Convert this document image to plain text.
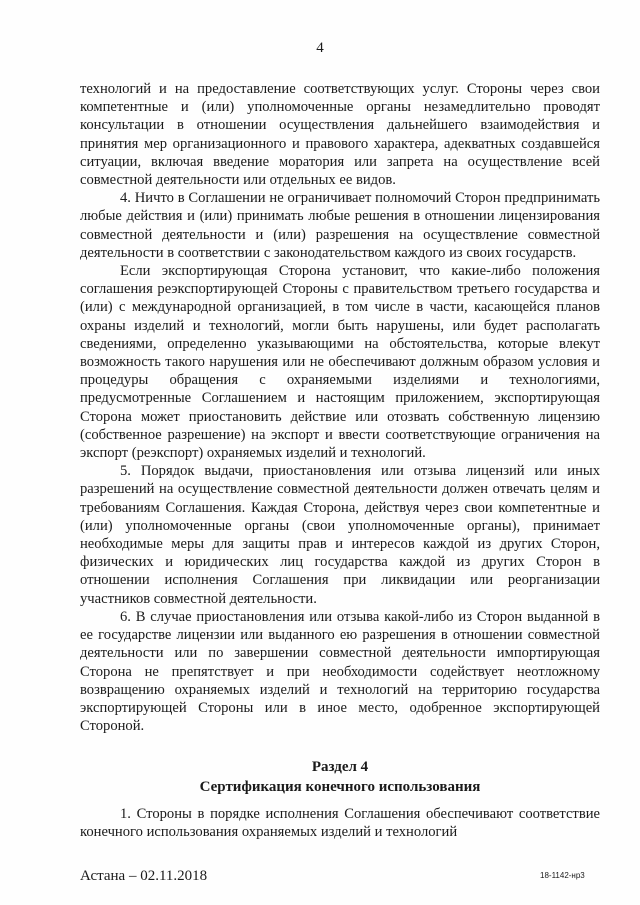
4

технологий и на предоставление соответствующих услуг. Стороны через свои компетентные и (или) уполномоченные органы незамедлительно проводят консультации в отношении осуществления дальнейшего взаимодействия и принятия мер организационного и правового характера, адекватных создавшейся ситуации, включая введение моратория или запрета на осуществление всей совместной деятельности или отдельных ее видов.

4. Ничто в Соглашении не ограничивает полномочий Сторон предпринимать любые действия и (или) принимать любые решения в отношении лицензирования совместной деятельности и (или) разрешения на осуществление совместной деятельности в соответствии с законодательством каждого из своих государств.

Если экспортирующая Сторона установит, что какие-либо положения соглашения реэкспортирующей Стороны с правительством третьего государства и (или) с международной организацией, в том числе в части, касающейся планов охраны изделий и технологий, могли быть нарушены, или будет располагать сведениями, определенно указывающими на обстоятельства, которые влекут возможность такого нарушения или не обеспечивают должным образом условия и процедуры обращения с охраняемыми изделиями и технологиями, предусмотренные Соглашением и настоящим приложением, экспортирующая Сторона может приостановить действие или отозвать собственную лицензию (собственное разрешение) на экспорт и ввести соответствующие ограничения на экспорт (реэкспорт) охраняемых изделий и технологий.

5. Порядок выдачи, приостановления или отзыва лицензий или иных разрешений на осуществление совместной деятельности должен отвечать целям и требованиям Соглашения. Каждая Сторона, действуя через свои компетентные и (или) уполномоченные органы (свои уполномоченные органы), принимает необходимые меры для защиты прав и интересов каждой из других Сторон, физических и юридических лиц государства каждой из других Сторон в отношении исполнения Соглашения при ликвидации или реорганизации участников совместной деятельности.

6. В случае приостановления или отзыва какой-либо из Сторон выданной в ее государстве лицензии или выданного ею разрешения в отношении совместной деятельности или по завершении совместной деятельности импортирующая Сторона не препятствует и при необходимости содействует неотложному возвращению охраняемых изделий и технологий на территорию государства экспортирующей Стороны или в иное место, одобренное экспортирующей Стороной.

Раздел 4
Сертификация конечного использования

1. Стороны в порядке исполнения Соглашения обеспечивают соответствие конечного использования охраняемых изделий и технологий

Астана – 02.11.2018	18-1142-нр3
